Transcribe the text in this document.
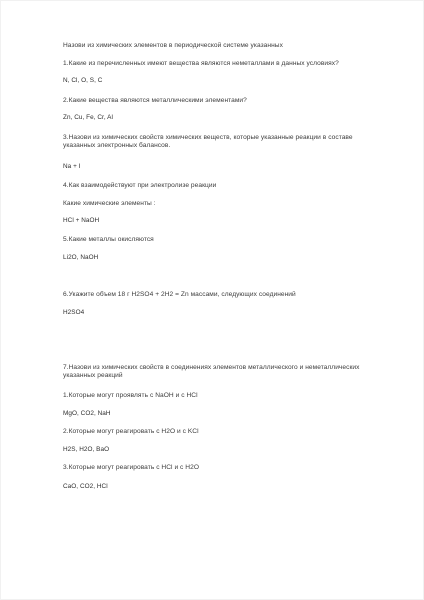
Назови из химических элементов в периодической системе указанных
1.Какие из перечисленных имеют вещества являются неметаллами в данных условиях?
N, Cl, O, S, C
2.Какие вещества являются металлическими элементами?
Zn, Cu, Fe, Cr, Al
3.Назови из химических свойств химических веществ, которые указанные реакции в составе указанных электронных балансов.
Na + I
4.Как взаимодействуют при электролизе реакции
Какие химические элементы :
HCl + NaOH
5.Какие металлы окисляются
Li2O, NaOH
6.Укажите объем 18 г H2SO4 + 2Н2 = Zn массами, следующих соединений
H2SO4
7.Назови из химических свойств в соединениях элементов металлического и неметаллических указанных реакций
1.Которые могут проявлять с NaOH и с HCl
MgO, CO2, NaH
2.Которые могут реагировать с H2O и с KCl
H2S, H2O, BaO
3.Которые могут реагировать с HCl и с H2O
CaO, CO2, HCl
